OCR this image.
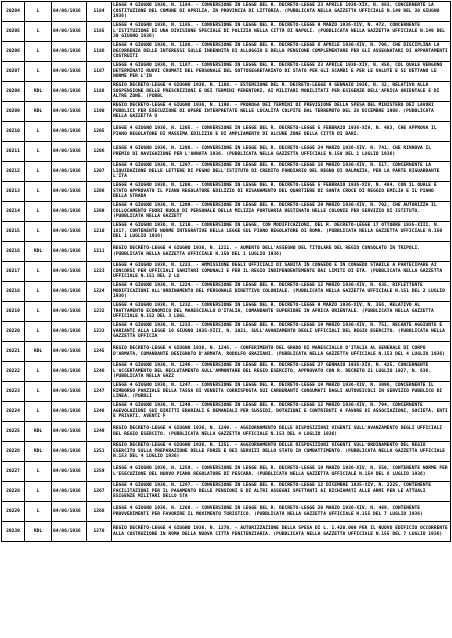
20204	L	04/06/1936	1184	LEGGE 4 GIUGNO 1936, N. 1184. - CONVERSIONE IN LEGGE DEL R. DECRETO-LEGGE 23 APRILE 1936-XIV, N. 883, CONCERNENTE LA COSTITUZIONE DEL COMUNE DI APRILIA, IN PROVINCIA DI LITTORIA. (PUBBLICATA NELLA GAZZETTA UFFICIALE N.149 DEL 30 GIUGNO 1936)
20205	L	04/06/1936	1185	LEGGE 4 GIUGNO 1936, N. 1185. - CONVERSIONE IN LEGGE DEL R. DECRETO-LEGGE 9 MARZO 1936-XIV, N. 472, CONCERNENTE L'ISTITUZIONE DI UNA DIVISIONE SPECIALE DI POLIZIA NELLA CITTÀ DI NAPOLI. (PUBBLICATA NELLA GAZZETTA UFFICIALE N.149 DEL 30 GIUGNO 1936)
20206	L	04/06/1936	1186	LEGGE 4 GIUGNO 1936, N. 1186. - CONVERSIONE IN LEGGE DEL R. DECRETO-LEGGE 6 APRILE 1936-XIV, N. 706, CHE DISCIPLINA LA DECORRENZA DELLE INTERESSI SULLE INDENNITÀ DI ALLOGGIO E DELLA PENSIONE COMPLEMENTARE PER GLI ASSEGNATARI DI APPARTAMENTI COSTRUITI
20207	L	04/06/1936	1187	LEGGE 4 GIUGNO 1936, N. 1187. - CONVERSIONE IN LEGGE DEL R. DECRETO-LEGGE 23 APRILE 1936-XIV, N. 856, COL QUALE VENGONO DETERMINATI NUOVI CROMATI DEL PERSONALE DEL SOTTOSEGRETARIATO DI STATO PER GLI SCAMBI E PER LE VALUTE E SI DETTANO LE NORME PER L'IN
20208	RDL	04/06/1936	1188	REGIO DECRETO-LEGGE 4 GIUGNO 1936, N. 1188. - ESTENSIONE DEL R. DECRETO-LEGGE 9 GENNAIO 1936, N. 32, RELATIVO ALLA SOSPENSIONE DELLE PRESCRIZIONI E DEI TERMINI PERENTORI, AI MILITARI MOBILITATI PER ESIGENZE DELL'AFRICA ORIENTALE E DI ALTRE ZONE. (PUBBL
20209	RDL	04/06/1936	1190	REGIO DECRETO-LEGGE 4 GIUGNO 1936, N. 1190. - PROROGA DEI TERMINI DI PREVISIONE DELLA SPESA DEL MINISTERO DEI LAVORI PUBBLICI PER ESECUZIONE DI OPERE INTERPRETATE NELLE LOCALITÀ COLPITE DAL TERREMOTO DEL 28 DICEMBRE 1908. (PUBBLICATA NELLA GAZZETTA U
20210	L	04/06/1936	1205	LEGGE 4 GIUGNO 1936, N. 1205. - CONVERSIONE IN LEGGE DEL R. DECRETO-LEGGE 5 FEBBRAIO 1936-XIV, N. 483, CHE APPROVA IL PIANO REGOLATORE DI MASSIMA EDILIZIO E DI AMPLIAMENTO DI ALCUNE ZONE DELLA CITTÀ DI BARI.
20211	L	04/06/1936	1206	LEGGE 4 GIUGNO 1936, N. 1206. - CONVERSIONE IN LEGGE DEL R. DECRETO-LEGGE 24 MARZO 1936-XIV, N. 741, CHE RINNOVA IL PREMIO DI NAVIGAZIONE PER L'ANNATA 1936. (PUBBLICATA NELLA GAZZETTA UFFICIALE N.150 DEL 1 LUGLIO 1936)
20212	L	04/06/1936	1207	LEGGE 4 GIUGNO 1936, N. 1207. - CONVERSIONE IN LEGGE DEL R. DECRETO-LEGGE 16 MARZO 1936-XIV, N. 517, CONCERNENTE LA LIQUIDAZIONE DELLE LETTERE DI PEGNO DELL'ISTITUTO DI CREDITO FONDIARIO DEL REGNO DI DALMAZIA, PER LA PARTE RIGUARDANTE L'ITA
20213	L	04/06/1936	1208	LEGGE 4 GIUGNO 1936, N. 1208. - CONVERSIONE IN LEGGE DEL R. DECRETO-LEGGE 5 FEBBRAIO 1936-XIV, N. 484, CON IL QUALE È STATO APPROVATO IL PIANO REGOLATORE EDILIZIO DI RISANAMENTO DEL QUARTIERE DI SANTA CROCE DI REGGIO EMILIA E IL PIANO DELLA STRADA
20214	L	04/06/1936	1209	LEGGE 4 GIUGNO 1936, N. 1209. - CONVERSIONE IN LEGGE DEL R. DECRETO-LEGGE 20 MARZO 1936-XIV, N. 702, CHE AUTORIZZA IL COLLOCAMENTO FUORI RUOLO DI PERSONALE DELLA MILIZIA PORTUARIA DESTINATO NELLE COLONIE PER SERVIZIO DI ISTITUTO. (PUBBLICATA NELLA GAZZETT
20215	L	04/06/1936	1210	LEGGE 4 GIUGNO 1936, N. 1210. - CONVERSIONE IN LEGGE, CON MODIFICAZIONI, DEL R. DECRETO-LEGGE 17 OTTOBRE 1935-XIII, N. 1817, CONTENENTE NORME INTEGRATIVE DELLA LEGGE SUL PIANO REGOLATORE DI ROMA. (PUBBLICATA NELLA GAZZETTA UFFICIALE N.150 DEL 1 LUGLIO 1936)
20216	RDL	04/06/1936	1211	REGIO DECRETO-LEGGE 4 GIUGNO 1936, N. 1211. - AUMENTO DELL'ASSEGNO DEL TITOLARE DEL REGIO CONSOLATO IN TRIPOLI. (PUBBLICATA NELLA GAZZETTA UFFICIALE N.150 DEL 1 LUGLIO 1936)
20217	L	04/06/1936	1223	LEGGE 4 GIUGNO 1936, N. 1223. - AMMISSIONE DEGLI UFFICIALI DI SANITÀ IN CONGEDO E IN CONGEDO STABILE A PARTECIPARE AI CONCORSI PER UFFICIALI SANITARI COMUNALI E PER IL REGIO INDIPENDENTEMENTE DAI LIMITI DI ETÀ. (PUBBLICATA NELLA GAZZETTA UFFICIALE N.151 DEL 2 LU
20218	L	04/06/1936	1224	LEGGE 4 GIUGNO 1936, N. 1224. - CONVERSIONE IN LEGGE DEL R. DECRETO-LEGGE 12 MARZO 1936-XIV, N. 635, RIFLETTENTE MODIFICAZIONI ALL'ORDINAMENTO DEL PERSONALE DIRETTIVO COLONIALE. (PUBBLICATA NELLA GAZZETTA UFFICIALE N.151 DEL 2 LUGLIO 1936)
20219	L	04/06/1936	1232	LEGGE 4 GIUGNO 1936, N. 1232. - CONVERSIONE IN LEGGE DEL R. DECRETO-LEGGE 9 MARZO 1936-XIV, N. 356, RELATIVO AL TRATTAMENTO ECONOMICO DEL MARESCIALLO D'ITALIA, COMANDANTE SUPERIORE IN AFRICA ORIENTALE. (PUBBLICATA NELLA GAZZETTA UFFICIALE N.152 DEL 3 LUGL
20220	L	04/06/1936	1233	LEGGE 4 GIUGNO 1936, N. 1233. - CONVERSIONE IN LEGGE DEL R. DECRETO-LEGGE 19 MARZO 1936-XIV, N. 751, RECANTE AGGIUNTE E VARIANTI ALLA LEGGE 16 GIUGNO 1935-XIII, N. 1021, SULL'AVANZAMENTO DEGLI UFFICIALI DEL REGIO ESERCITO. (PUBBLICATA NELLA GAZZETTA UFFICIA
20221	RDL	04/06/1936	1245	REGIO DECRETO-LEGGE 4 GIUGNO 1936, N. 1245. - CONFERIMENTO DEL GRADO DI MARESCIALLO D'ITALIA AL GENERALE DI CORPO D'ARMATA, COMANDANTE DESIGNATO D'ARMATA, RODOLFO GRAZIANI. (PUBBLICATA NELLA GAZZETTA UFFICIALE N.153 DEL 4 LUGLIO 1936)
20222	L	04/06/1936	1246	LEGGE 4 GIUGNO 1936, N. 1246. - CONVERSIONE IN LEGGE DEL R. DECRETO-LEGGE 27 GENNAIO 1936-XIV, N. 425, CONCERNENTE L'ACCERTAMENTO DEL RECLUTAMENTO SULL'AMMONTARE DEL REGIO ESERCITO, APPROVATO CON R. DECRETO 21 LUGLIO 1927, N. 636. (PUBBLICATA NELLA GAZZ
20223	L	04/06/1936	1247	LEGGE 4 GIUGNO 1936, N. 1247. - CONVERSIONE IN LEGGE DEL R. DECRETO-LEGGE 19 MARZO 1936-XIV, N. 3096, CONCERNENTE IL RIMBORSO PARZIALE DELLA TASSA DI VENDITA CORRISPOSTA SUI CARBURANTI CONSUMATI DAGLI AUTOVEICOLI IN SERVIZIO PUBBLICO DI LINEA. (PUBBLI
20224	L	04/06/1936	1248	LEGGE 4 GIUGNO 1936, N. 1248. - CONVERSIONE IN LEGGE DEL R. DECRETO-LEGGE 12 MARZO 1936-XIV, N. 794, CONCERNENTE AGEVOLAZIONI SUI DIRITTI ERARIALI E DEMANIALI PER SUSSIDI, DOTAZIONI E CONTRIBUTI A FAVORE DI ASSOCIAZIONI, SOCIETÀ, ENTI E PRIVATI, AVENTI F
20225	RDL	04/06/1936	1249	REGIO DECRETO-LEGGE 4 GIUGNO 1936, N. 1249. - AGGIORNAMENTO DELLE DISPOSIZIONI VIGENTI SULL'AVANZAMENTO DEGLI UFFICIALI DEL REGIO ESERCITO. (PUBBLICATA NELLA GAZZETTA UFFICIALE N.153 DEL 4 LUGLIO 1936)
20226	RDL	04/06/1936	1251	REGIO DECRETO-LEGGE 4 GIUGNO 1936, N. 1251. - AGGIORNAMENTO DELLE DISPOSIZIONI VIGENTI SULL'ORDINAMENTO DEL REGIO ESERCITO SULLA PREPARAZIONE DELLE FORZE E DEI SERVIZI DELLO STATO IN COMBATTIMENTO. (PUBBLICATA NELLA GAZZETTA UFFICIALE N.153 DEL 4 LUGLIO 1936)
20227	L	04/06/1936	1259	LEGGE 4 GIUGNO 1936, N. 1259. - CONVERSIONE IN LEGGE DEL R. DECRETO-LEGGE 19 MARZO 1936-XIV, N. 550, CONTENENTE NORME PER L'ESECUZIONE DEL NUOVO PIANO REGOLATORE DI PESCARA. (PUBBLICATA NELLA GAZZETTA UFFICIALE N.154 DEL 6 LUGLIO 1936)
20228	L	04/06/1936	1267	LEGGE 4 GIUGNO 1936, N. 1267. - CONVERSIONE IN LEGGE DEL R. DECRETO-LEGGE 12 DICEMBRE 1935-XIV, N. 2225, CONTENENTE FACILITAZIONI PER IL PAGAMENTO DELLE PENSIONI E DI ALTRI ASSEGNI SPETTANTI AI RICHIAMATI ALLE ARMI PER LE ATTUALI ESIGENZE MILITARI DELLO STA
20229	L	04/06/1936	1268	LEGGE 4 GIUGNO 1936, N. 1268. - CONVERSIONE IN LEGGE DEL R. DECRETO-LEGGE 20 MARZO 1936-XIV, N. 489, CONTENENTE PROVVEDIMENTI PER FAVORIRE IL MOVIMENTO TURISTICO. (PUBBLICATA NELLA GAZZETTA UFFICIALE N.155 DEL 7 LUGLIO 1936)
20230	RDL	04/06/1936	1270	REGIO DECRETO-LEGGE 4 GIUGNO 1936, N. 1270. - AUTORIZZAZIONE DELLA SPESA DI L. 1.420.000 PER IL NUOVO EDIFICIO OCCORRENTE ALLA COSTRUZIONE IN ROMA DELLA NUOVA CITTÀ PENITENZIARIA. (PUBBLICATA NELLA GAZZETTA UFFICIALE N.155 DEL 7 LUGLIO 1936)
